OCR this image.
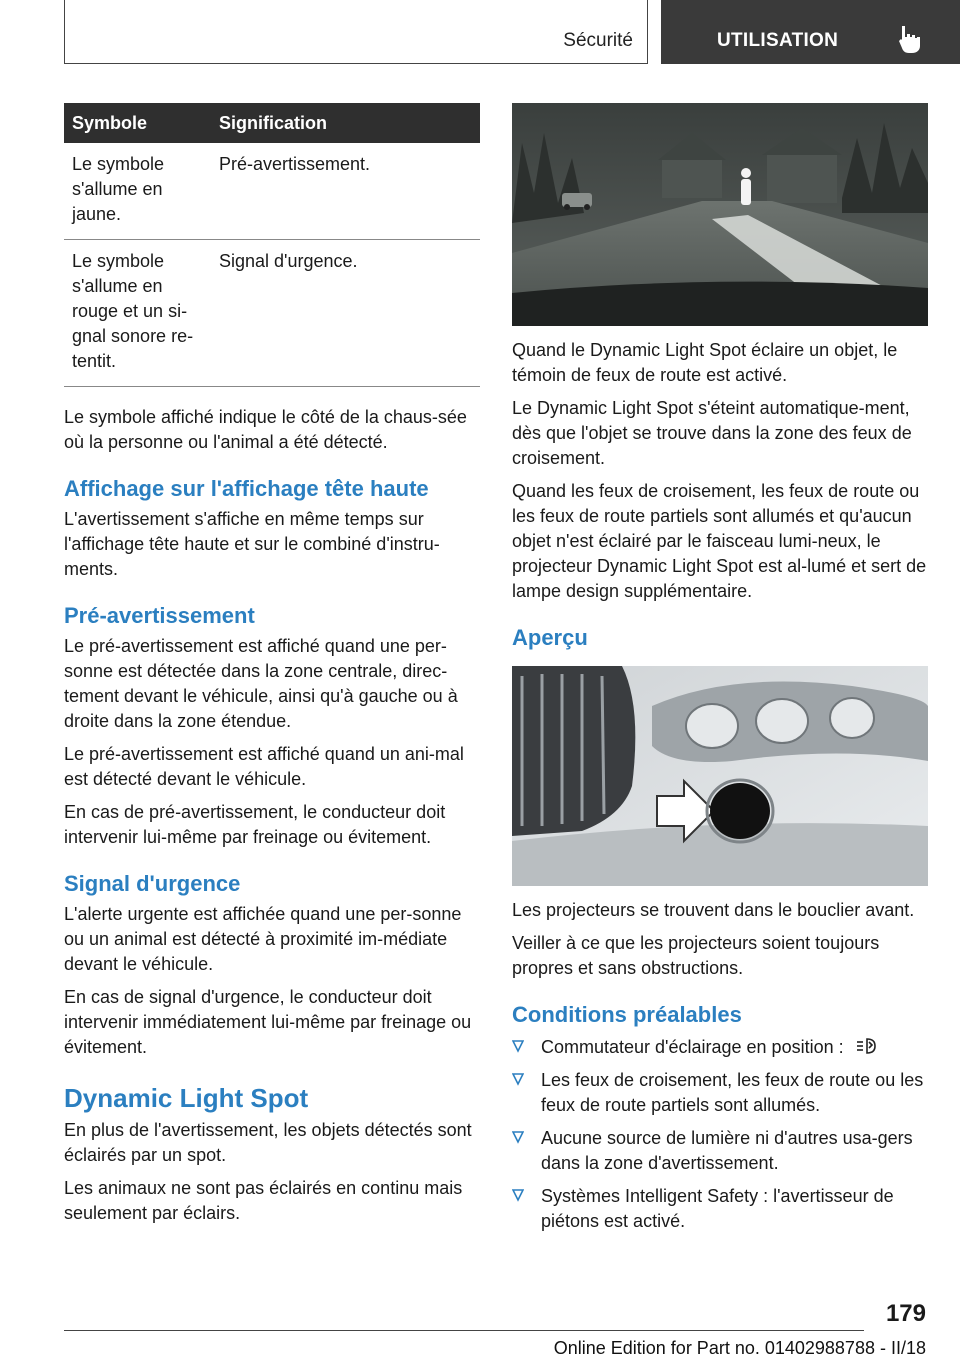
Sécurité	UTILISATION
Symbole	Signification
Le symbole s'allume en jaune.	Pré-avertissement.
Le symbole s'allume en rouge et un si-gnal sonore re-tentit.	Signal d'urgence.

Le symbole affiché indique le côté de la chaus-sée où la personne ou l'animal a été détecté.

Affichage sur l'affichage tête haute

L'avertissement s'affiche en même temps sur l'affichage tête haute et sur le combiné d'instru-ments.

Pré-avertissement

Le pré-avertissement est affiché quand une per-sonne est détectée dans la zone centrale, direc-tement devant le véhicule, ainsi qu'à gauche ou à droite dans la zone étendue.

Le pré-avertissement est affiché quand un ani-mal est détecté devant le véhicule.

En cas de pré-avertissement, le conducteur doit intervenir lui-même par freinage ou évitement.

Signal d'urgence

L'alerte urgente est affichée quand une per-sonne ou un animal est détecté à proximité im-médiate devant le véhicule.

En cas de signal d'urgence, le conducteur doit intervenir immédiatement lui-même par freinage ou évitement.

Dynamic Light Spot

En plus de l'avertissement, les objets détectés sont éclairés par un spot.

Les animaux ne sont pas éclairés en continu mais seulement par éclairs.

Quand le Dynamic Light Spot éclaire un objet, le témoin de feux de route est activé.

Le Dynamic Light Spot s'éteint automatique-ment, dès que l'objet se trouve dans la zone des feux de croisement.

Quand les feux de croisement, les feux de route ou les feux de route partiels sont allumés et qu'aucun objet n'est éclairé par le faisceau lumi-neux, le projecteur Dynamic Light Spot est al-lumé et sert de lampe design supplémentaire.

Aperçu

Les projecteurs se trouvent dans le bouclier avant.

Veiller à ce que les projecteurs soient toujours propres et sans obstructions.

Conditions préalables
Commutateur d'éclairage en position :
Les feux de croisement, les feux de route ou les feux de route partiels sont allumés.
Aucune source de lumière ni d'autres usa-gers dans la zone d'avertissement.
Systèmes Intelligent Safety : l'avertisseur de piétons est activé.
179
Online Edition for Part no. 01402988788 - II/18
